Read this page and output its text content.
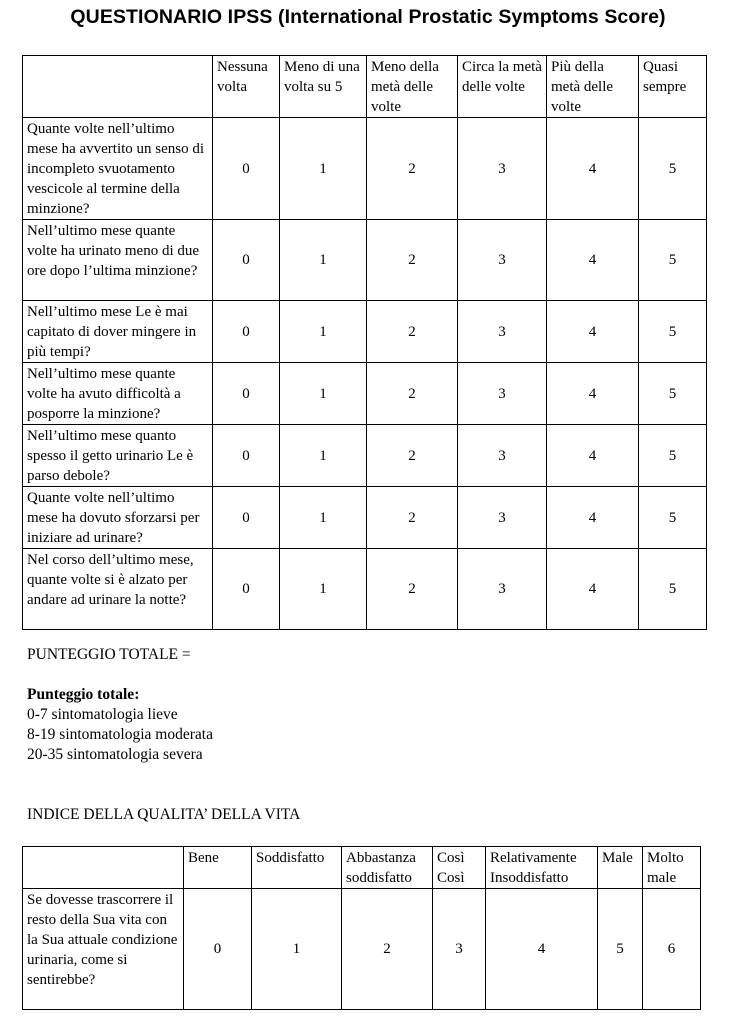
QUESTIONARIO IPSS (International Prostatic Symptoms Score)
	Nessuna volta	Meno di una volta su 5	Meno della metà delle volte	Circa la metà delle volte	Più della metà delle volte	Quasi sempre
Quante volte nell’ultimo mese ha avvertito un senso di incompleto svuotamento vescicole al termine della minzione?	0	1	2	3	4	5
Nell’ultimo mese quante volte ha urinato meno di due ore dopo l’ultima minzione?	0	1	2	3	4	5
Nell’ultimo mese Le è mai capitato di dover mingere in più tempi?	0	1	2	3	4	5
Nell’ultimo mese quante volte ha avuto difficoltà a posporre la minzione?	0	1	2	3	4	5
Nell’ultimo mese quanto spesso il getto urinario Le è parso debole?	0	1	2	3	4	5
Quante volte nell’ultimo mese ha dovuto sforzarsi per iniziare ad urinare?	0	1	2	3	4	5
Nel corso dell’ultimo mese, quante volte si è alzato per andare ad urinare la notte?	0	1	2	3	4	5
PUNTEGGIO TOTALE =
Punteggio totale:
0-7 sintomatologia lieve
8-19 sintomatologia moderata
20-35 sintomatologia severa
INDICE DELLA QUALITA’ DELLA VITA
	Bene	Soddisfatto	Abbastanza soddisfatto	Così Così	Relativamente Insoddisfatto	Male	Molto male
Se dovesse trascorrere il resto della Sua vita con la Sua attuale condizione urinaria, come si sentirebbe?	0	1	2	3	4	5	6
